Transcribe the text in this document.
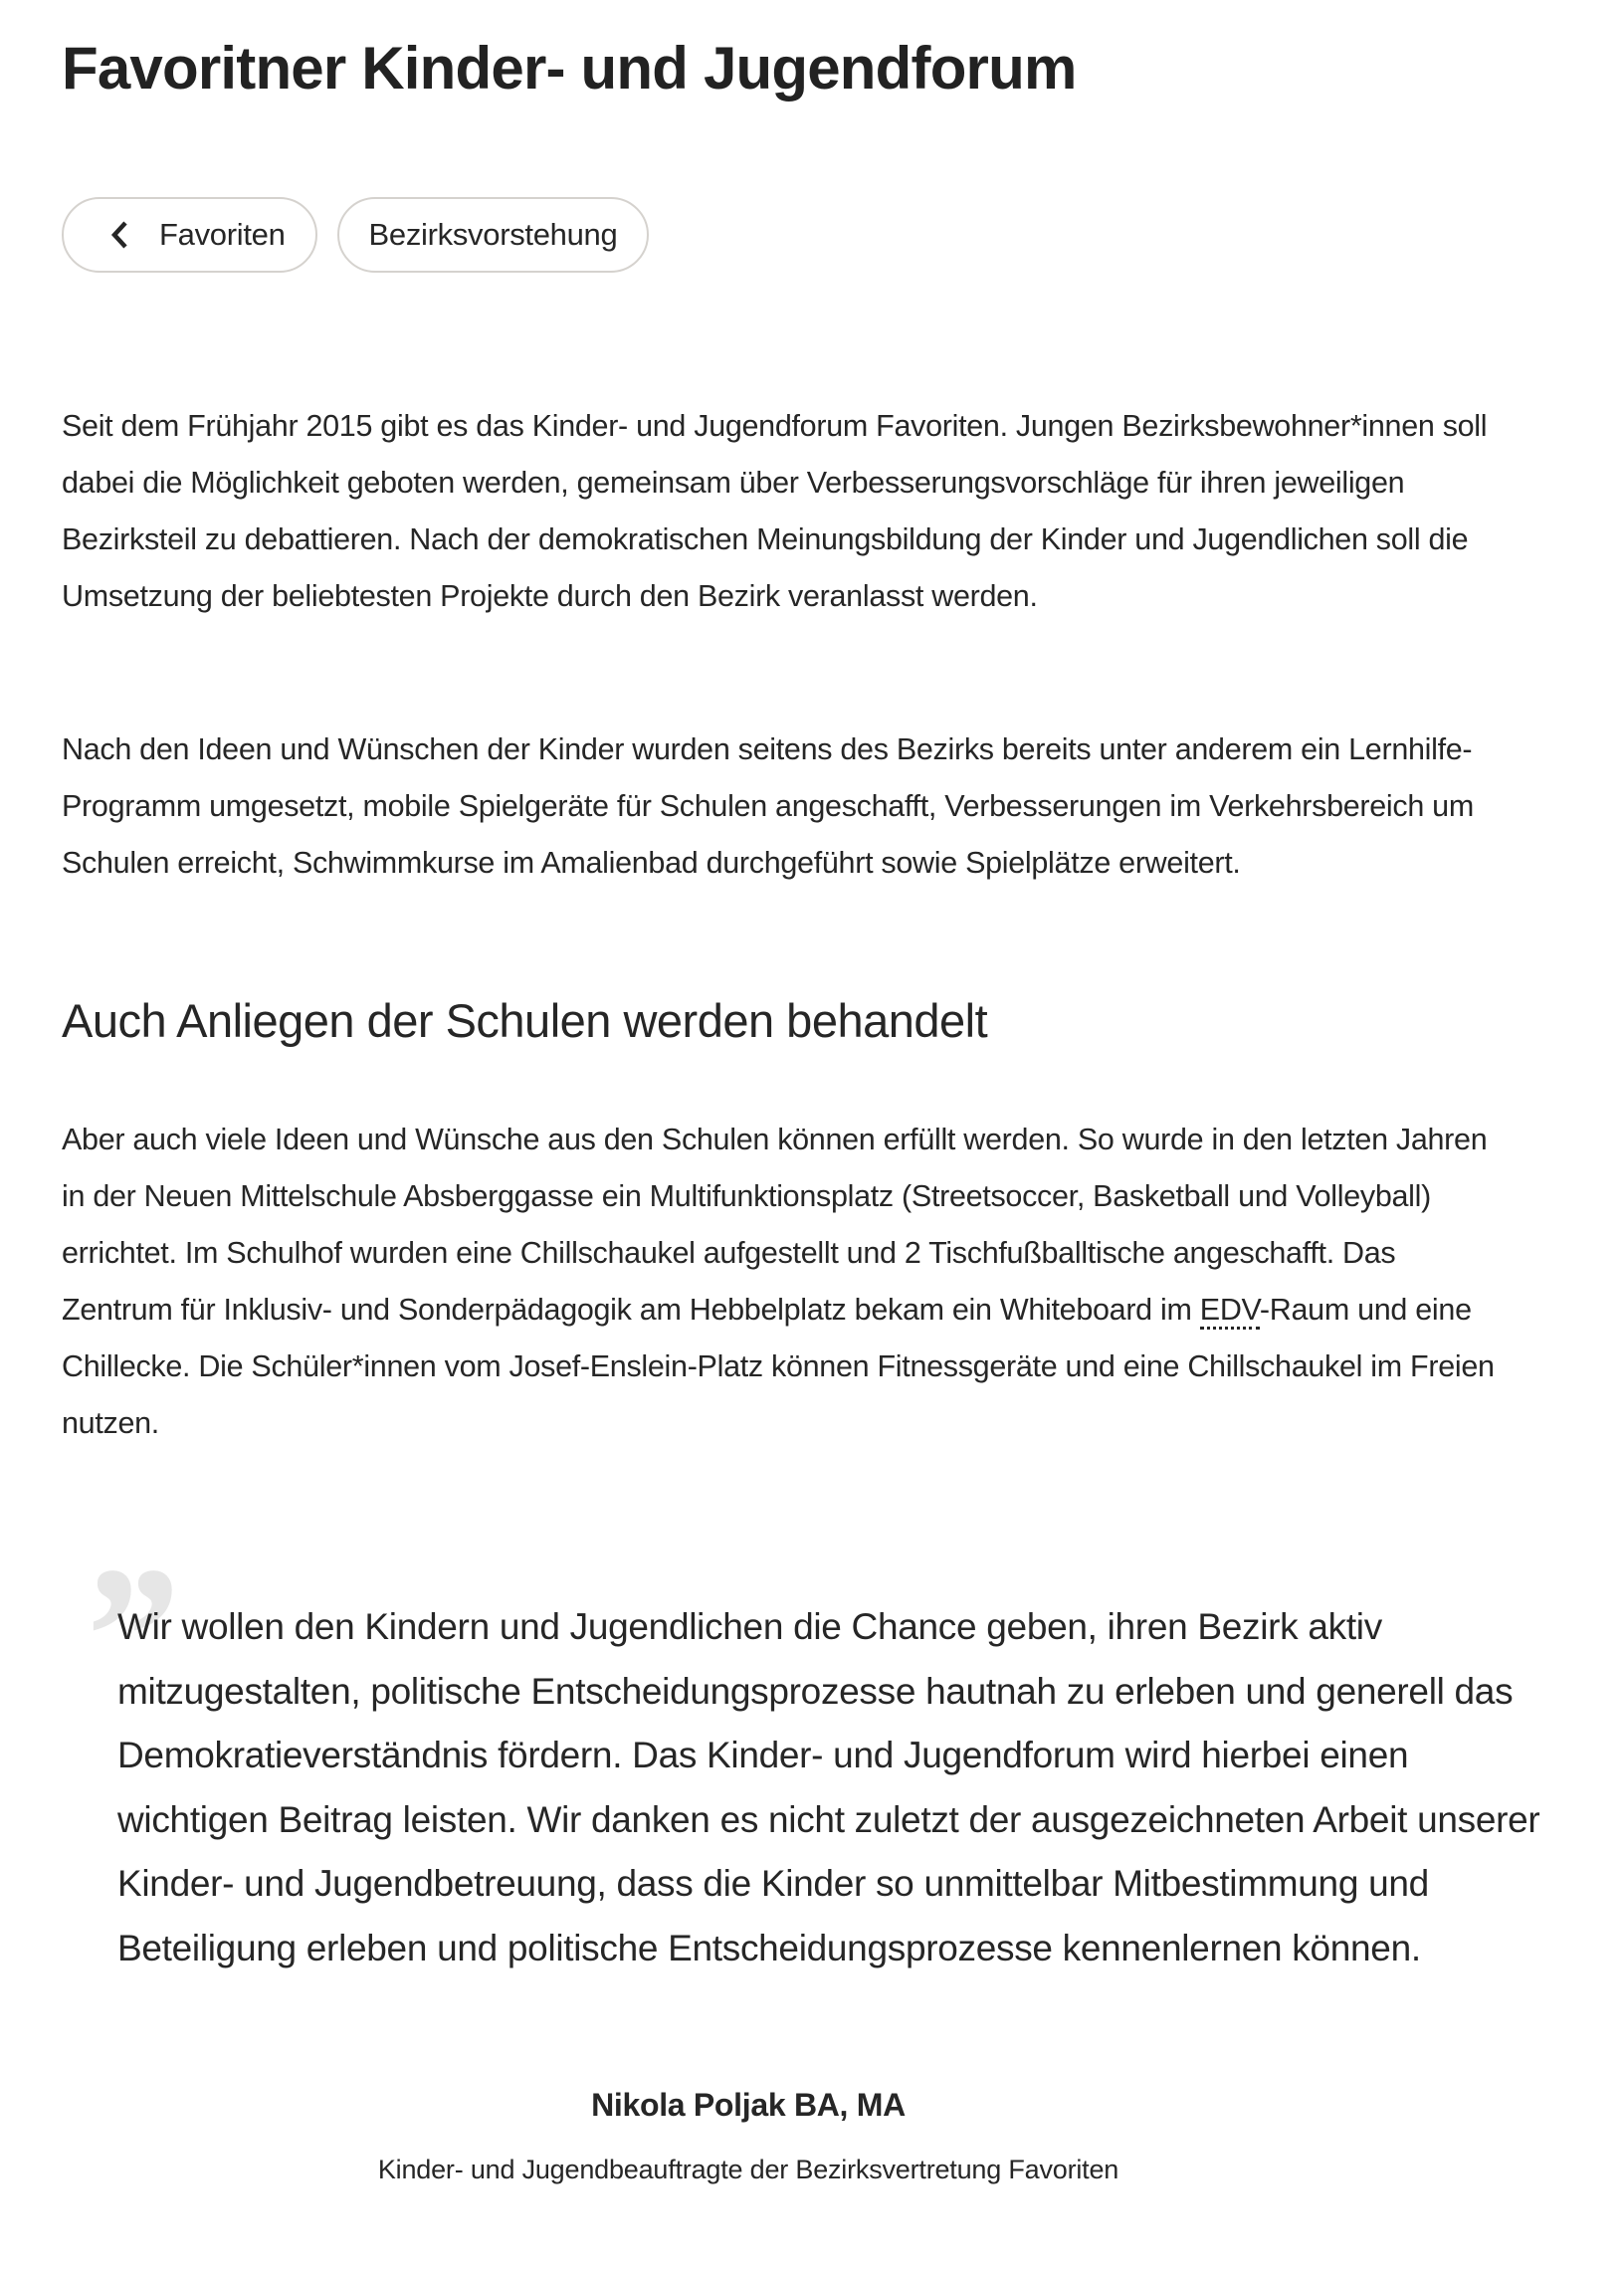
Favoritner Kinder- und Jugendforum
Favoriten	Bezirksvorstehung

Seit dem Frühjahr 2015 gibt es das Kinder- und Jugendforum Favoriten. Jungen Bezirksbewohner*innen soll dabei die Möglichkeit geboten werden, gemeinsam über Verbesserungsvorschläge für ihren jeweiligen Bezirksteil zu debattieren. Nach der demokratischen Meinungsbildung der Kinder und Jugendlichen soll die Umsetzung der beliebtesten Projekte durch den Bezirk veranlasst werden.

Nach den Ideen und Wünschen der Kinder wurden seitens des Bezirks bereits unter anderem ein Lernhilfe-Programm umgesetzt, mobile Spielgeräte für Schulen angeschafft, Verbesserungen im Verkehrsbereich um Schulen erreicht, Schwimmkurse im Amalienbad durchgeführt sowie Spielplätze erweitert.

Auch Anliegen der Schulen werden behandelt

Aber auch viele Ideen und Wünsche aus den Schulen können erfüllt werden. So wurde in den letzten Jahren in der Neuen Mittelschule Absberggasse ein Multifunktionsplatz (Streetsoccer, Basketball und Volleyball) errichtet. Im Schulhof wurden eine Chillschaukel aufgestellt und 2 Tischfußballtische angeschafft. Das Zentrum für Inklusiv- und Sonderpädagogik am Hebbelplatz bekam ein Whiteboard im EDV-Raum und eine Chillecke. Die Schüler*innen vom Josef-Enslein-Platz können Fitnessgeräte und eine Chillschaukel im Freien nutzen.

”
Wir wollen den Kindern und Jugendlichen die Chance geben, ihren Bezirk aktiv mitzugestalten, politische Entscheidungsprozesse hautnah zu erleben und generell das Demokratieverständnis fördern. Das Kinder- und Jugendforum wird hierbei einen wichtigen Beitrag leisten. Wir danken es nicht zuletzt der ausgezeichneten Arbeit unserer Kinder- und Jugendbetreuung, dass die Kinder so unmittelbar Mitbestimmung und Beteiligung erleben und politische Entscheidungsprozesse kennenlernen können.

Nikola Poljak BA, MA

Kinder- und Jugendbeauftragte der Bezirksvertretung Favoriten
